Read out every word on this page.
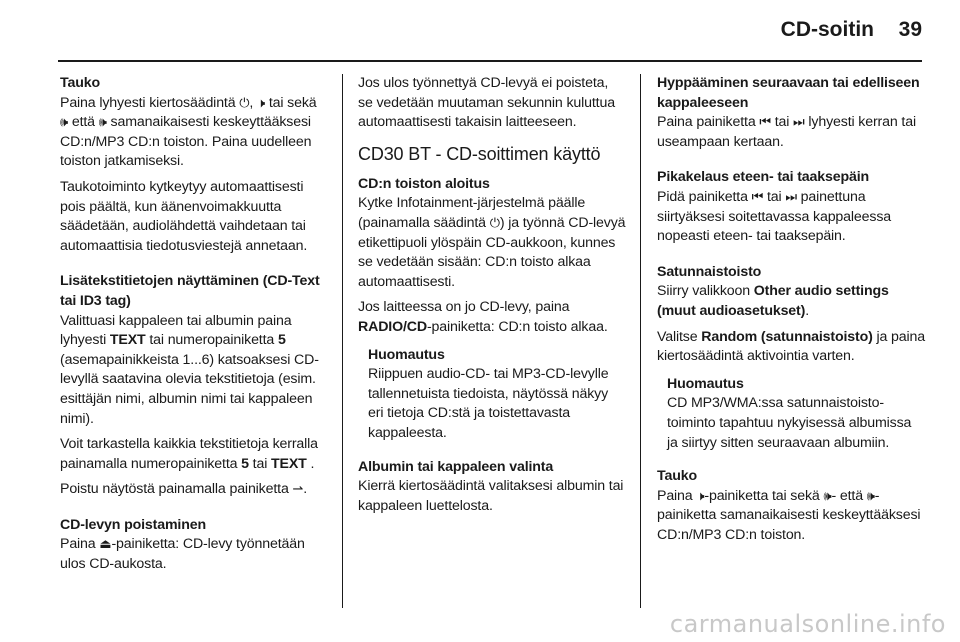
CD-soitin 39
Tauko

Paina lyhyesti kiertosäädintä ⏻, 🕨 tai sekä 🕪 että 🕪 samanaikaisesti keskeyttääksesi CD:n/MP3 CD:n toiston. Paina uudelleen toiston jatkamiseksi.

Taukotoiminto kytkeytyy automaattisesti pois päältä, kun äänenvoimakkuutta säädetään, audiolähdettä vaihdetaan tai automaattisia tiedotusviestejä annetaan.

Lisätekstitietojen näyttäminen (CD-Text tai ID3 tag)

Valittuasi kappaleen tai albumin paina lyhyesti TEXT tai numeropainiketta 5 (asemapainikkeista 1...6) katsoaksesi CD-levyllä saatavina olevia tekstitietoja (esim. esittäjän nimi, albumin nimi tai kappaleen nimi).

Voit tarkastella kaikkia tekstitietoja kerralla painamalla numeropainiketta 5 tai TEXT .

Poistu näytöstä painamalla painiketta ⇀.

CD-levyn poistaminen

Paina ⏏-painiketta: CD-levy työnnetään ulos CD-aukosta.

Jos ulos työnnettyä CD-levyä ei poisteta, se vedetään muutaman sekunnin kuluttua automaattisesti takaisin laitteeseen.

CD30 BT - CD-soittimen käyttö
CD:n toiston aloitus

Kytke Infotainment-järjestelmä päälle (painamalla säädintä ⏻) ja työnnä CD-levyä etikettipuoli ylöspäin CD-aukkoon, kunnes se vedetään sisään: CD:n toisto alkaa automaattisesti.

Jos laitteessa on jo CD-levy, paina RADIO/CD-painiketta: CD:n toisto alkaa.

Huomautus
Riippuen audio-CD- tai MP3-CD-levylle tallennetuista tiedoista, näytössä näkyy eri tietoja CD:stä ja toistettavasta kappaleesta.
Albumin tai kappaleen valinta

Kierrä kiertosäädintä valitaksesi albumin tai kappaleen luettelosta.

Hyppääminen seuraavaan tai edelliseen kappaleeseen

Paina painiketta ⏮ tai ⏭ lyhyesti kerran tai useampaan kertaan.

Pikakelaus eteen- tai taaksepäin

Pidä painiketta ⏮ tai ⏭ painettuna siirtyäksesi soitettavassa kappaleessa nopeasti eteen- tai taaksepäin.

Satunnaistoisto

Siirry valikkoon Other audio settings (muut audioasetukset).

Valitse Random (satunnaistoisto) ja paina kiertosäädintä aktivointia varten.

Huomautus
CD MP3/WMA:ssa satunnaistoistotoiminto tapahtuu nykyisessä albumissa ja siirtyy sitten seuraavaan albumiin.
Tauko

Paina 🕨-painiketta tai sekä 🕪- että 🕪-painiketta samanaikaisesti keskeyttääksesi CD:n/MP3 CD:n toiston.

carmanualsonline.info
